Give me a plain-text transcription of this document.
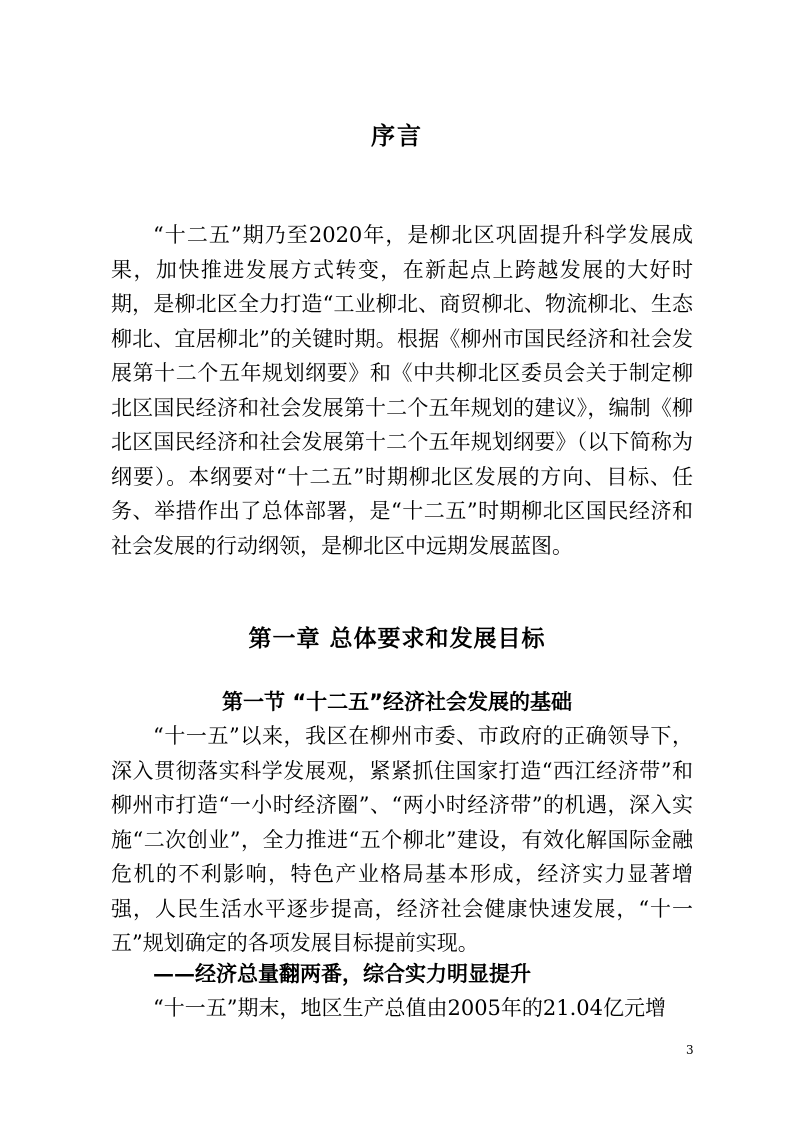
序言

“十二五”期乃至2020年，是柳北区巩固提升科学发展成果，加快推进发展方式转变，在新起点上跨越发展的大好时期，是柳北区全力打造“工业柳北、商贸柳北、物流柳北、生态柳北、宜居柳北”的关键时期。根据《柳州市国民经济和社会发展第十二个五年规划纲要》和《中共柳北区委员会关于制定柳北区国民经济和社会发展第十二个五年规划的建议》，编制《柳北区国民经济和社会发展第十二个五年规划纲要》（以下简称为纲要）。本纲要对“十二五”时期柳北区发展的方向、目标、任务、举措作出了总体部署，是“十二五”时期柳北区国民经济和社会发展的行动纲领，是柳北区中远期发展蓝图。

第一章 总体要求和发展目标
第一节 “十二五”经济社会发展的基础

“十一五”以来，我区在柳州市委、市政府的正确领导下，深入贯彻落实科学发展观，紧紧抓住国家打造“西江经济带”和柳州市打造“一小时经济圈”、“两小时经济带”的机遇，深入实施“二次创业”，全力推进“五个柳北”建设，有效化解国际金融危机的不利影响，特色产业格局基本形成，经济实力显著增强，人民生活水平逐步提高，经济社会健康快速发展，“十一五”规划确定的各项发展目标提前实现。

——经济总量翻两番，综合实力明显提升

“十一五”期末，地区生产总值由2005年的21.04亿元增

3
